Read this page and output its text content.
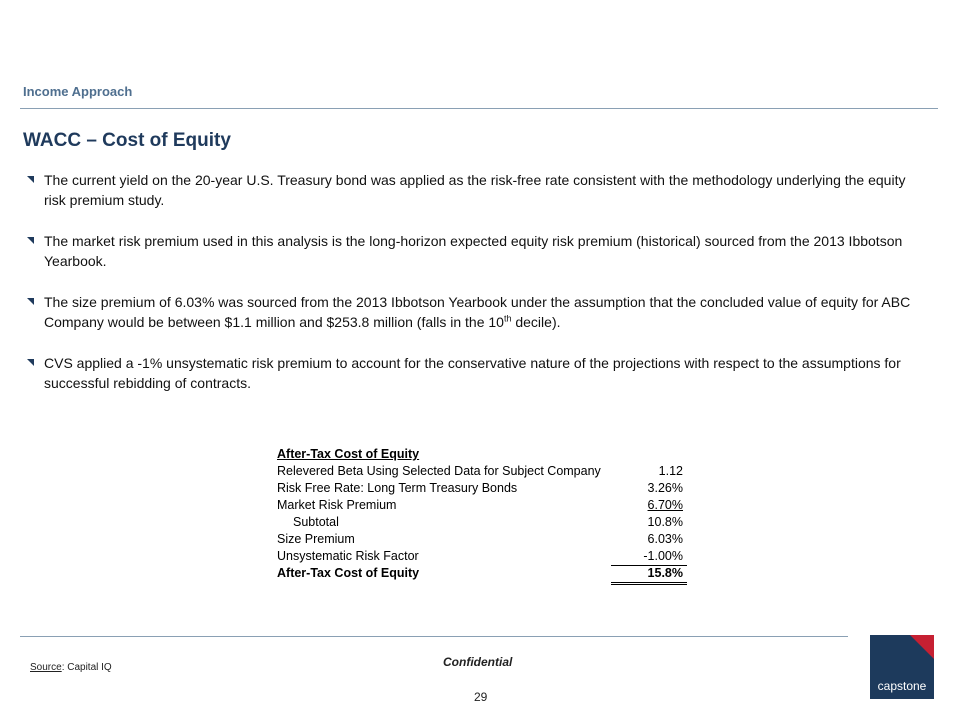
Income Approach
WACC – Cost of Equity
The current yield on the 20-year U.S. Treasury bond was applied as the risk-free rate consistent with the methodology underlying the equity risk premium study.
The market risk premium used in this analysis is the long-horizon expected equity risk premium (historical) sourced from the 2013 Ibbotson Yearbook.
The size premium of 6.03% was sourced from the 2013 Ibbotson Yearbook under the assumption that the concluded value of equity for ABC Company would be between $1.1 million and $253.8 million (falls in the 10th decile).
CVS applied a -1% unsystematic risk premium to account for the conservative nature of the projections with respect to the assumptions for successful rebidding of contracts.
After-Tax Cost of Equity
Relevered Beta Using Selected Data for Subject Company	1.12
Risk Free Rate: Long Term Treasury Bonds	3.26%
Market Risk Premium	6.70%
Subtotal	10.8%
Size Premium	6.03%
Unsystematic Risk Factor	-1.00%
After-Tax Cost of Equity	15.8%
Source: Capital IQ	Confidential
29
capstone
